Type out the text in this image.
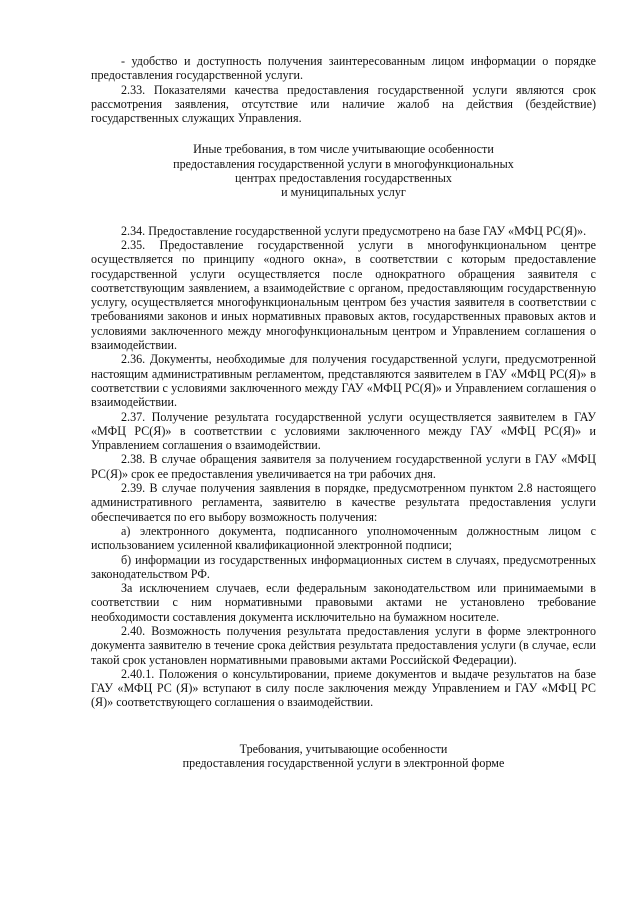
- удобство и доступность получения заинтересованным лицом информации о порядке предоставления государственной услуги.

2.33. Показателями качества предоставления государственной услуги являются срок рассмотрения заявления, отсутствие или наличие жалоб на действия (бездействие) государственных служащих Управления.

Иные требования, в том числе учитывающие особенности
предоставления государственной услуги в многофункциональных
центрах предоставления государственных
и муниципальных услуг

2.34. Предоставление государственной услуги предусмотрено на базе ГАУ «МФЦ РС(Я)».

2.35. Предоставление государственной услуги в многофункциональном центре осуществляется по принципу «одного окна», в соответствии с которым предоставление государственной услуги осуществляется после однократного обращения заявителя с соответствующим заявлением, а взаимодействие с органом, предоставляющим государственную услугу, осуществляется многофункциональным центром без участия заявителя в соответствии с требованиями законов и иных нормативных правовых актов, государственных правовых актов и условиями заключенного между многофункциональным центром и Управлением соглашения о взаимодействии.

2.36. Документы, необходимые для получения государственной услуги, предусмотренной настоящим административным регламентом, представляются заявителем в ГАУ «МФЦ РС(Я)» в соответствии с условиями заключенного между ГАУ «МФЦ РС(Я)» и Управлением соглашения о взаимодействии.

2.37. Получение результата государственной услуги осуществляется заявителем в ГАУ «МФЦ РС(Я)» в соответствии с условиями заключенного между ГАУ «МФЦ РС(Я)» и Управлением соглашения о взаимодействии.

2.38. В случае обращения заявителя за получением государственной услуги в ГАУ «МФЦ РС(Я)» срок ее предоставления увеличивается на три рабочих дня.

2.39. В случае получения заявления в порядке, предусмотренном пунктом 2.8 настоящего административного регламента, заявителю в качестве результата предоставления услуги обеспечивается по его выбору возможность получения:

а) электронного документа, подписанного уполномоченным должностным лицом с использованием усиленной квалификационной электронной подписи;

б) информации из государственных информационных систем в случаях, предусмотренных законодательством РФ.

За исключением случаев, если федеральным законодательством или принимаемыми в соответствии с ним нормативными правовыми актами не установлено требование необходимости составления документа исключительно на бумажном носителе.

2.40. Возможность получения результата предоставления услуги в форме электронного документа заявителю в течение срока действия результата предоставления услуги (в случае, если такой срок установлен нормативными правовыми актами Российской Федерации).

2.40.1. Положения о консультировании, приеме документов и выдаче результатов на базе ГАУ «МФЦ РС (Я)» вступают в силу после заключения между Управлением и ГАУ «МФЦ РС (Я)» соответствующего соглашения о взаимодействии.

Требования, учитывающие особенности
предоставления государственной услуги в электронной форме
